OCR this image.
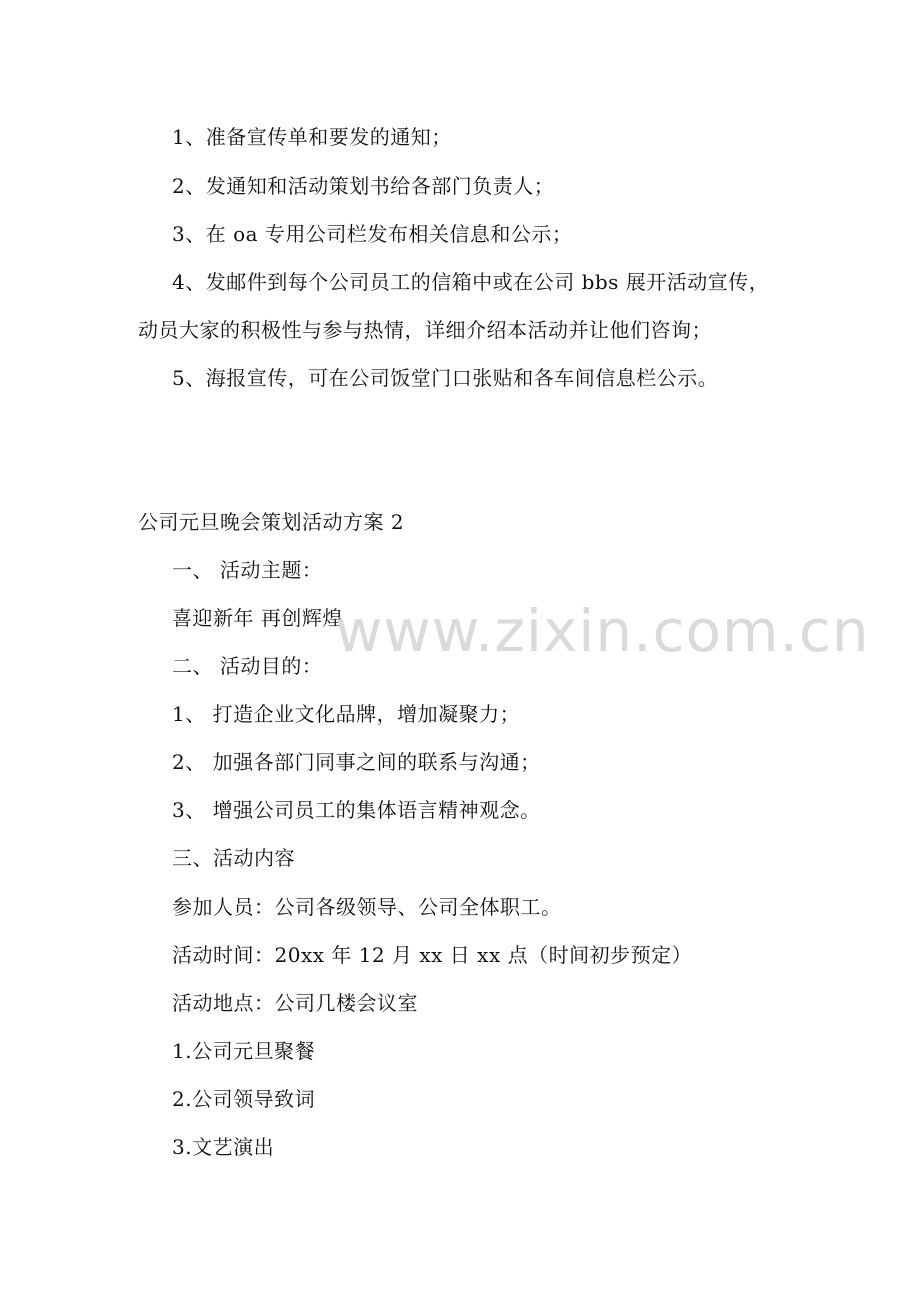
1、准备宣传单和要发的通知；
2、发通知和活动策划书给各部门负责人；
3、在 oa 专用公司栏发布相关信息和公示；
4、发邮件到每个公司员工的信箱中或在公司 bbs 展开活动宣传，
动员大家的积极性与参与热情，详细介绍本活动并让他们咨询；
5、海报宣传，可在公司饭堂门口张贴和各车间信息栏公示。
公司元旦晚会策划活动方案 2
一、 活动主题：
喜迎新年 再创辉煌
二、 活动目的：
1、 打造企业文化品牌，增加凝聚力；
2、 加强各部门同事之间的联系与沟通；
3、 增强公司员工的集体语言精神观念。
三、活动内容
参加人员：公司各级领导、公司全体职工。
活动时间：20xx 年 12 月 xx 日 xx 点（时间初步预定）
活动地点：公司几楼会议室
1.公司元旦聚餐
2.公司领导致词
3.文艺演出
www.zixin.com.cn
